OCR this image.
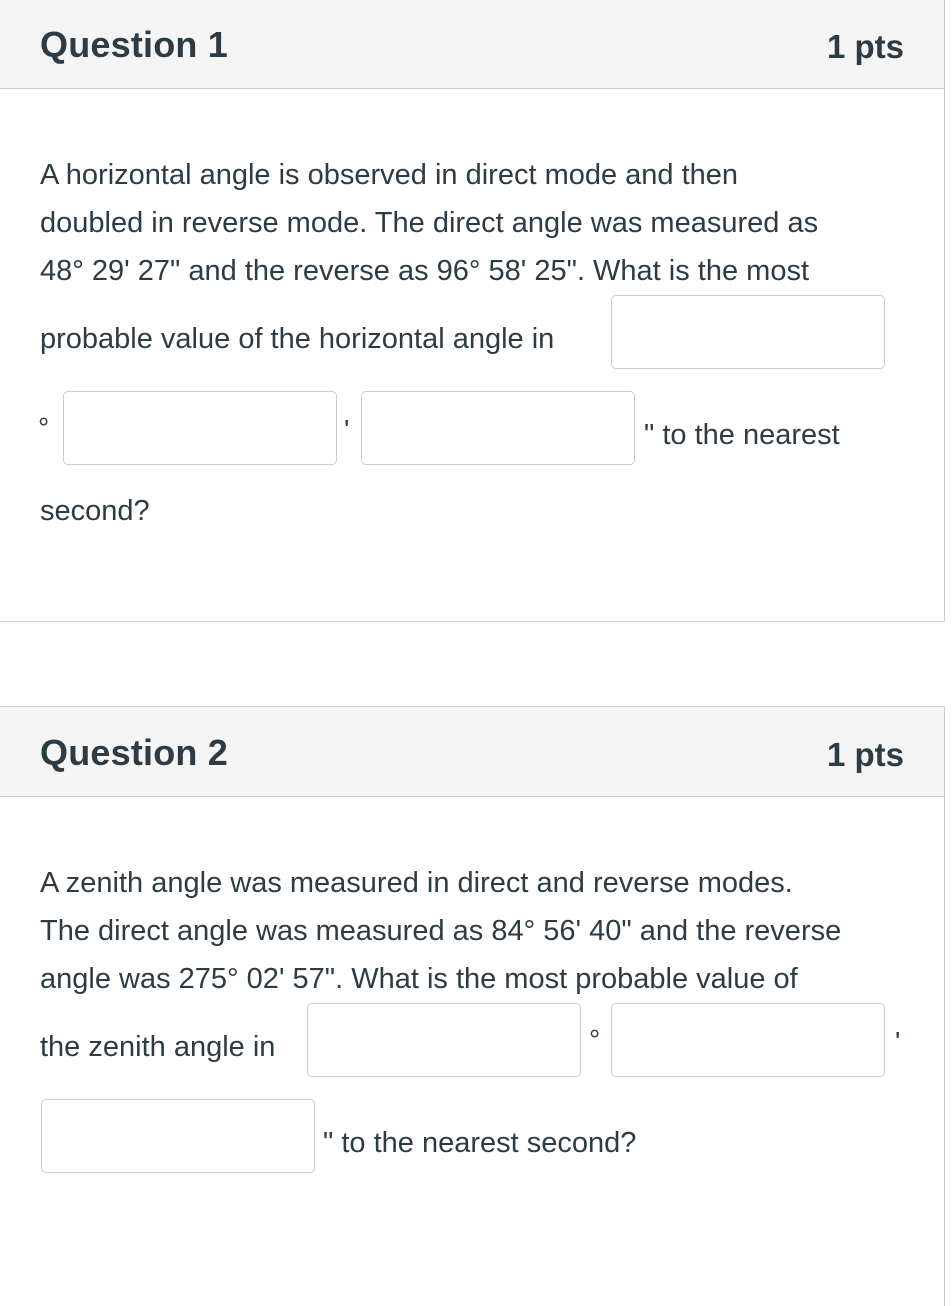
Question 1	1 pts
A horizontal angle is observed in direct mode and then
doubled in reverse mode. The direct angle was measured as
48° 29' 27" and the reverse as 96° 58' 25". What is the most
probable value of the horizontal angle in
°	'	" to the nearest
second?
Question 2	1 pts
A zenith angle was measured in direct and reverse modes.
The direct angle was measured as 84° 56' 40" and the reverse
angle was 275° 02' 57". What is the most probable value of
the zenith angle in	°	'
" to the nearest second?
